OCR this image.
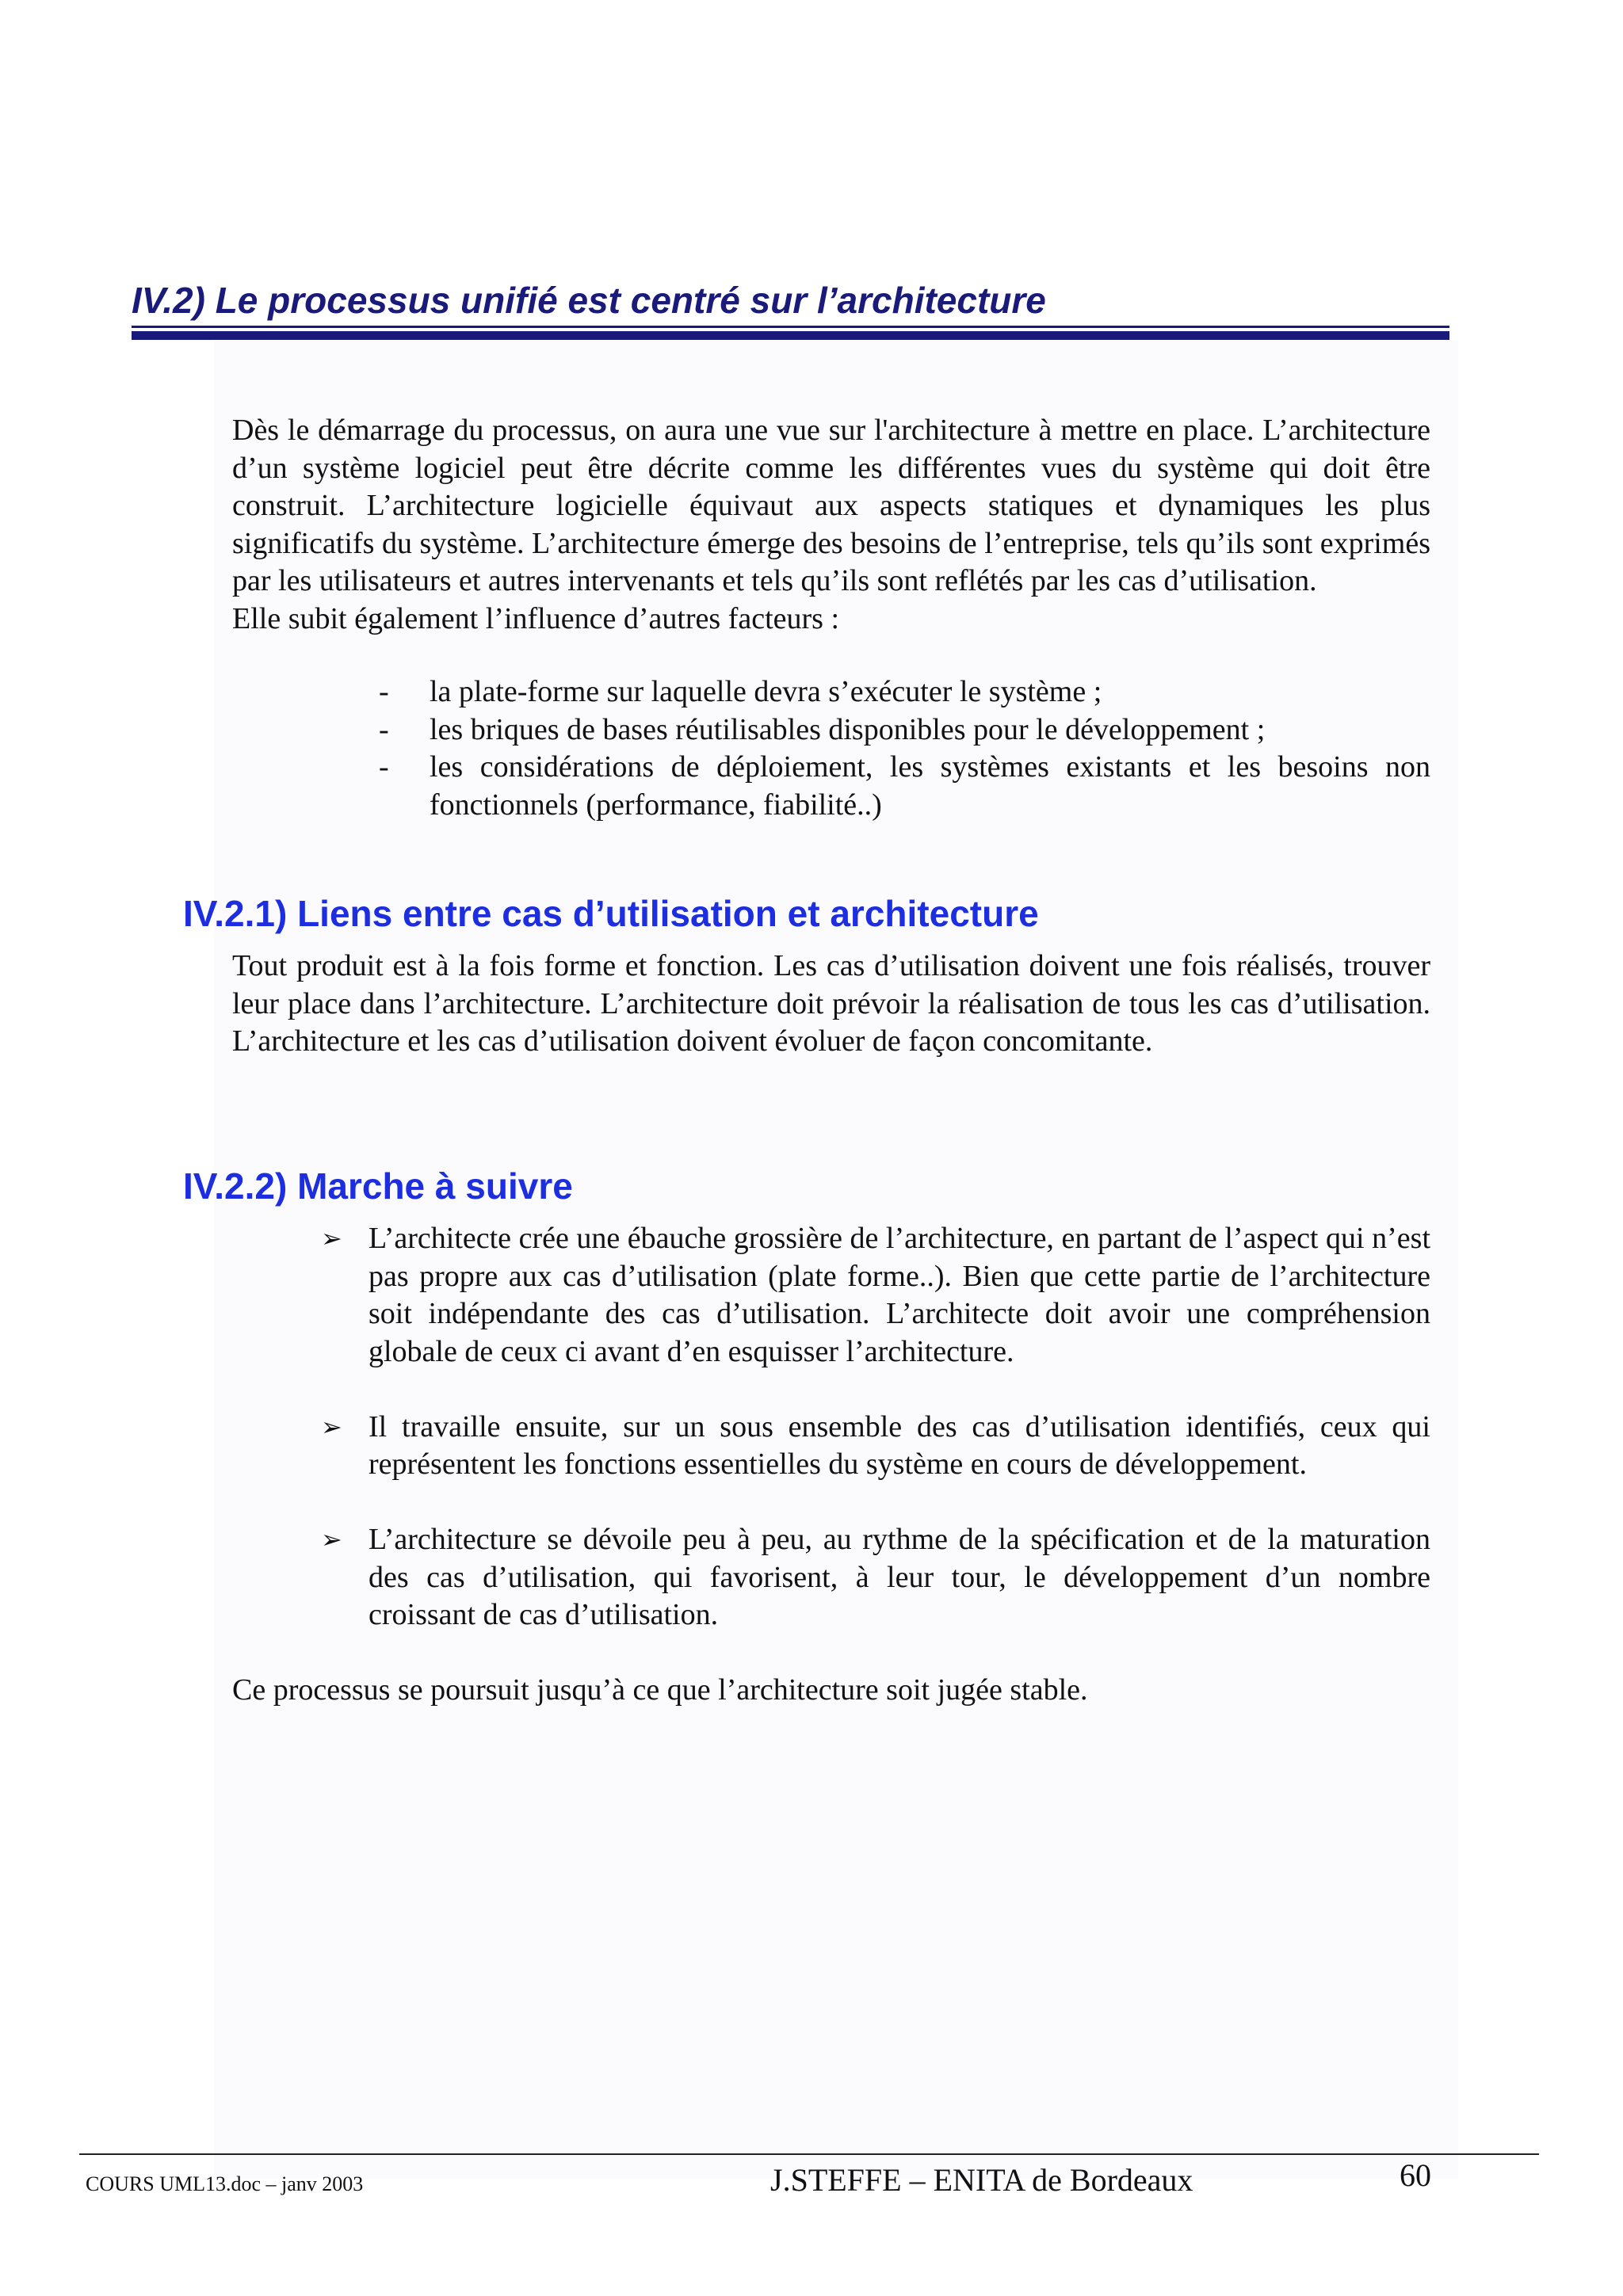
IV.2) Le processus unifié est centré sur l’architecture

Dès le démarrage du processus, on aura une vue sur l'architecture à mettre en place. L’architecture d’un système logiciel peut être décrite comme les différentes vues du système qui doit être construit. L’architecture logicielle équivaut aux aspects statiques et dynamiques les plus significatifs du système. L’architecture émerge des besoins de l’entreprise, tels qu’ils sont exprimés par les utilisateurs et autres intervenants et tels qu’ils sont reflétés par les cas d’utilisation.
Elle subit également l’influence d’autres facteurs :

- la plate-forme sur laquelle devra s’exécuter le système ;
- les briques de bases réutilisables disponibles pour le développement ;
- les considérations de déploiement, les systèmes existants et les besoins non fonctionnels (performance, fiabilité..)
IV.2.1) Liens entre cas d’utilisation et architecture

Tout produit est à la fois forme et fonction. Les cas d’utilisation doivent une fois réalisés, trouver leur place dans l’architecture. L’architecture doit prévoir la réalisation de tous les cas d’utilisation. L’architecture et les cas d’utilisation doivent évoluer de façon concomitante.

IV.2.2) Marche à suivre
➢ L’architecte crée une ébauche grossière de l’architecture, en partant de l’aspect qui n’est pas propre aux cas d’utilisation (plate forme..). Bien que cette partie de l’architecture soit indépendante des cas d’utilisation. L’architecte doit avoir une compréhension globale de ceux ci avant d’en esquisser l’architecture.
➢ Il travaille ensuite, sur un sous ensemble des cas d’utilisation identifiés, ceux qui représentent les fonctions essentielles du système en cours de développement.
➢ L’architecture se dévoile peu à peu, au rythme de la spécification et de la maturation des cas d’utilisation, qui favorisent, à leur tour, le développement d’un nombre croissant de cas d’utilisation.

Ce processus se poursuit jusqu’à ce que l’architecture soit jugée stable.

COURS UML13.doc – janv 2003	J.STEFFE – ENITA de Bordeaux	60
